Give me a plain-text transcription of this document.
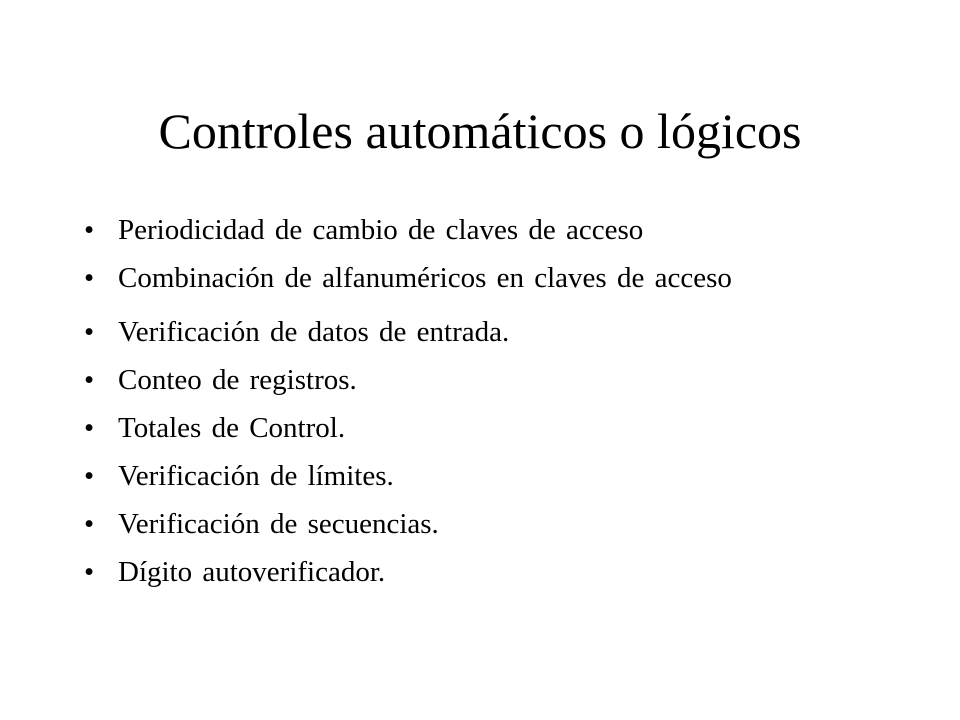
Controles automáticos o lógicos
• Periodicidad de cambio de claves de acceso
• Combinación de alfanuméricos en claves de acceso
• Verificación de datos de entrada.
• Conteo de registros.
• Totales de Control.
• Verificación de límites.
• Verificación de secuencias.
• Dígito autoverificador.
